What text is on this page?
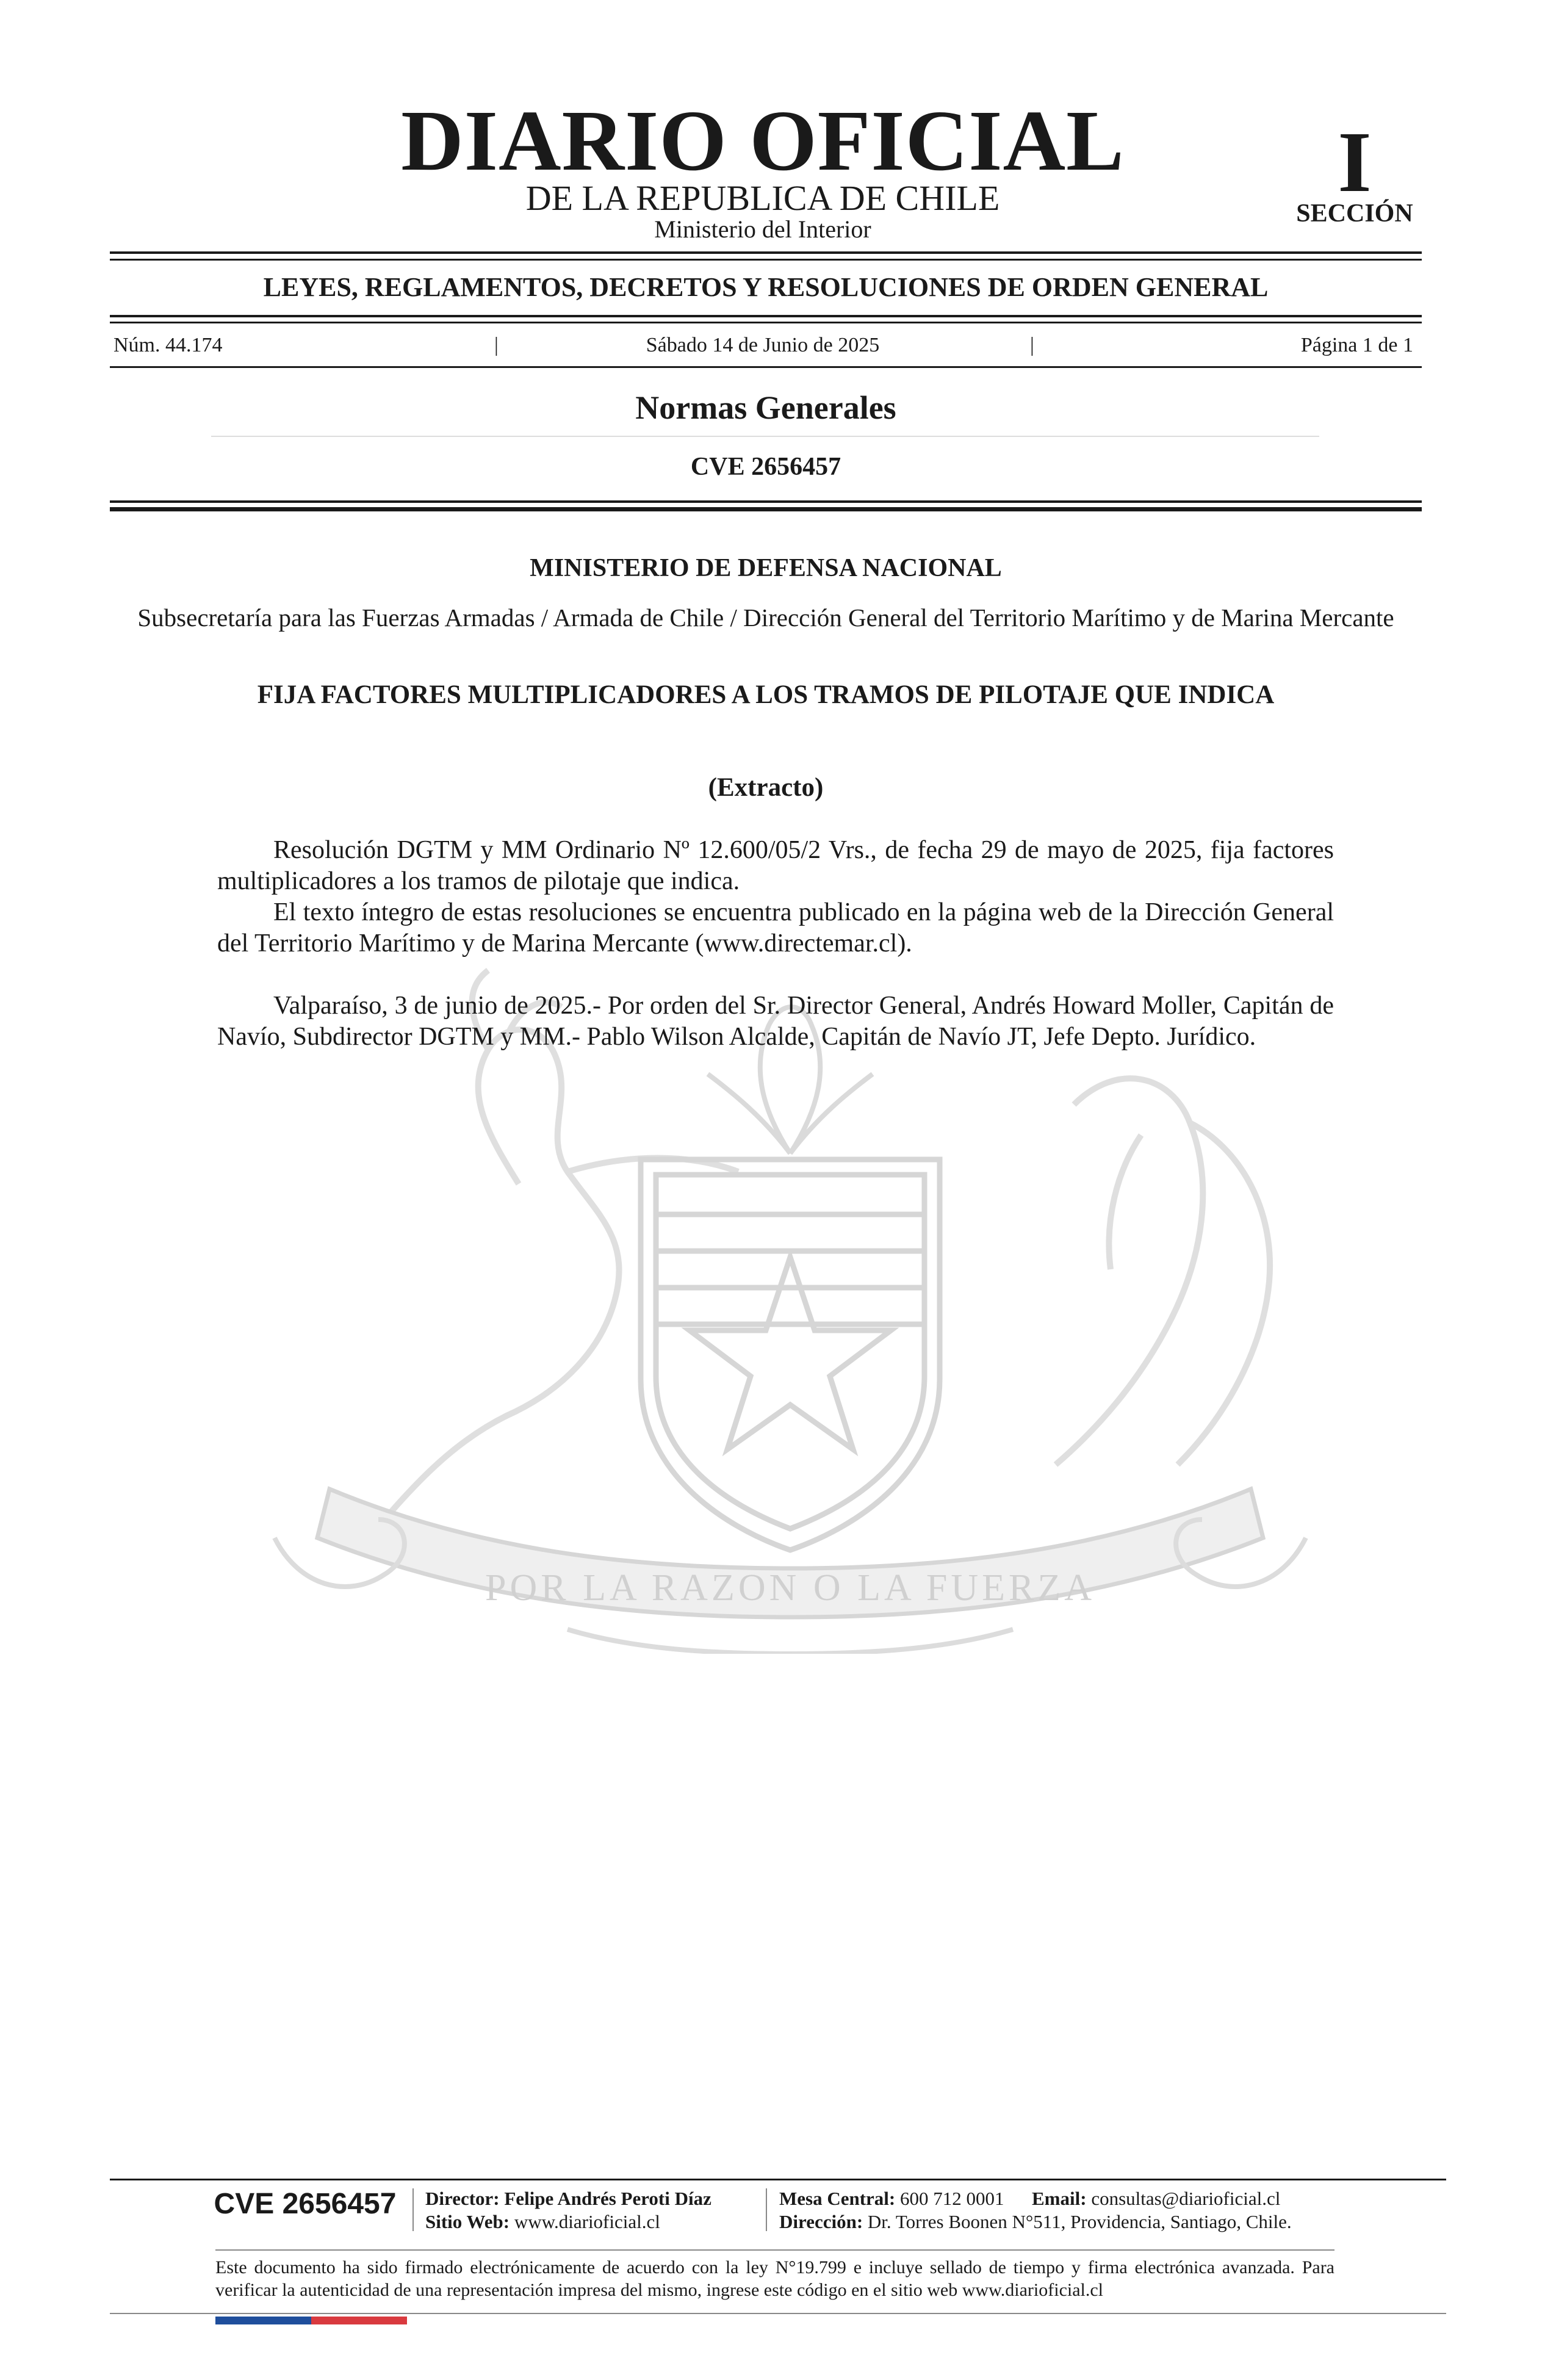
POR LA RAZON O LA FUERZA
DIARIO OFICIAL
DE LA REPUBLICA DE CHILE
Ministerio del Interior
I
SECCIÓN
LEYES, REGLAMENTOS, DECRETOS Y RESOLUCIONES DE ORDEN GENERAL
Núm. 44.174	|	Sábado 14 de Junio de 2025	|	Página 1 de 1
Normas Generales
CVE 2656457
MINISTERIO DE DEFENSA NACIONAL
Subsecretaría para las Fuerzas Armadas / Armada de Chile / Dirección General del Territorio Marítimo y de Marina Mercante
FIJA FACTORES MULTIPLICADORES A LOS TRAMOS DE PILOTAJE QUE INDICA
(Extracto)
Resolución DGTM y MM Ordinario Nº 12.600/05/2 Vrs., de fecha 29 de mayo de 2025, fija factores multiplicadores a los tramos de pilotaje que indica.
El texto íntegro de estas resoluciones se encuentra publicado en la página web de la Dirección General del Territorio Marítimo y de Marina Mercante (www.directemar.cl).
Valparaíso, 3 de junio de 2025.- Por orden del Sr. Director General, Andrés Howard Moller, Capitán de Navío, Subdirector DGTM y MM.- Pablo Wilson Alcalde, Capitán de Navío JT, Jefe Depto. Jurídico.
CVE 2656457	Director: Felipe Andrés Peroti Díaz
Sitio Web: www.diarioficial.cl
Mesa Central: 600 712 0001 Email: consultas@diarioficial.cl
Dirección: Dr. Torres Boonen N°511, Providencia, Santiago, Chile.
Este documento ha sido firmado electrónicamente de acuerdo con la ley N°19.799 e incluye sellado de tiempo y firma electrónica avanzada. Para verificar la autenticidad de una representación impresa del mismo, ingrese este código en el sitio web www.diarioficial.cl
